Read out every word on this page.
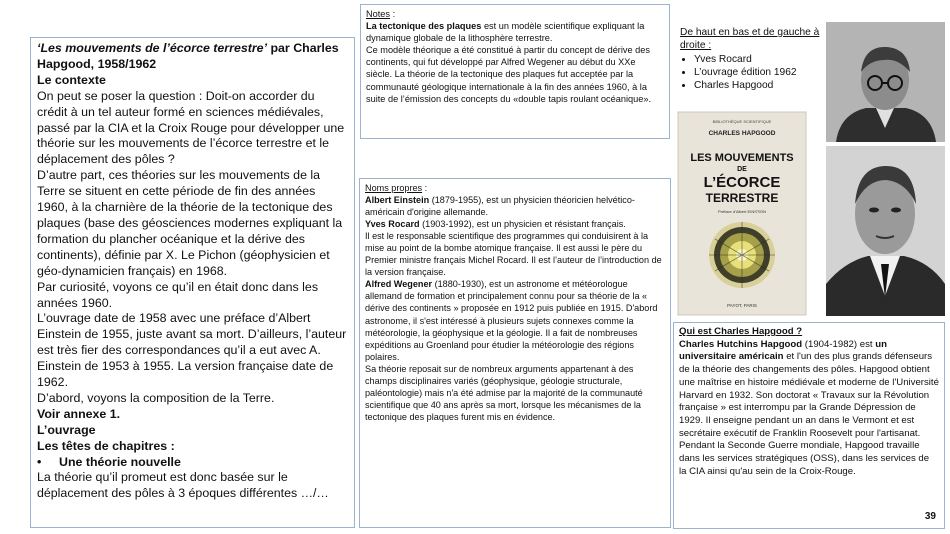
‘Les mouvements de l’écorce terrestre’ par Charles Hapgood, 1958/1962

Le contexte

On peut se poser la question : Doit-on accorder du crédit à un tel auteur formé en sciences médiévales, passé par la CIA et la Croix Rouge pour développer une théorie sur les mouvements de l’écorce terrestre et le déplacement des pôles ?

D’autre part, ces théories sur les mouvements de la Terre se situent en cette période de fin des années 1960, à la charnière de la théorie de la tectonique des plaques (base des géosciences modernes expliquant la formation du plancher océanique et la dérive des continents), définie par X. Le Pichon (géophysicien et géo-dynamicien français) en 1968.

Par curiosité, voyons ce qu’il en était donc dans les années 1960.

L’ouvrage date de 1958 avec une préface d’Albert Einstein de 1955, juste avant sa mort. D’ailleurs, l’auteur est très fier des correspondances qu’il a eut avec A. Einstein de 1953 à 1955. La version française date de 1962.

D’abord, voyons la composition de la Terre.

Voir annexe 1.

L’ouvrage

Les têtes de chapitres :

•	Une théorie nouvelle

La théorie qu’il promeut est donc basée sur le déplacement des pôles à 3 époques différentes …/…

Notes :

La tectonique des plaques est un modèle scientifique expliquant la dynamique globale de la lithosphère terrestre.

Ce modèle théorique a été constitué à partir du concept de dérive des continents, qui fut développé par Alfred Wegener au début du XXe siècle. La théorie de la tectonique des plaques fut acceptée par la communauté géologique internationale à la fin des années 1960, à la suite de l’émission des concepts du «double tapis roulant océanique».

Noms propres :

Albert Einstein (1879-1955), est un physicien théoricien helvético-américain d'origine allemande.

Yves Rocard (1903-1992), est un physicien et résistant français.

Il est le responsable scientifique des programmes qui conduisirent à la mise au point de la bombe atomique française. Il est aussi le père du Premier ministre français Michel Rocard. Il est l’auteur de l’introduction de la version française.

Alfred Wegener (1880-1930), est un astronome et météorologue allemand de formation et principalement connu pour sa théorie de la « dérive des continents » proposée en 1912 puis publiée en 1915. D'abord astronome, il s'est intéressé à plusieurs sujets connexes comme la météorologie, la géophysique et la géologie. Il a fait de nombreuses expéditions au Groenland pour étudier la météorologie des régions polaires.

Sa théorie reposait sur de nombreux arguments appartenant à des champs disciplinaires variés (géophysique, géologie structurale, paléontologie) mais n'a été admise par la majorité de la communauté scientifique que 40 ans après sa mort, lorsque les mécanismes de la tectonique des plaques furent mis en évidence.

De haut en bas et de gauche à droite :

• Yves Rocard
• L’ouvrage édition 1962
• Charles Hapgood
BIBLIOTHÈQUE SCIENTIFIQUE
CHARLES HAPGOOD
LES MOUVEMENTS
DE
L’ÉCORCE
TERRESTRE
Préface d’Albert EINSTEIN
PAYOT, PARIS

Qui est Charles Hapgood ?

Charles Hutchins Hapgood (1904-1982) est un universitaire américain et l'un des plus grands défenseurs de la théorie des changements des pôles. Hapgood obtient une maîtrise en histoire médiévale et moderne de l'Université Harvard en 1932. Son doctorat « Travaux sur la Révolution française » est interrompu par la Grande Dépression de 1929. Il enseigne pendant un an dans le Vermont et est secrétaire exécutif de Franklin Roosevelt pour l'artisanat. Pendant la Seconde Guerre mondiale, Hapgood travaille dans les services stratégiques (OSS), dans les services de la CIA ainsi qu'au sein de la Croix-Rouge.

39
